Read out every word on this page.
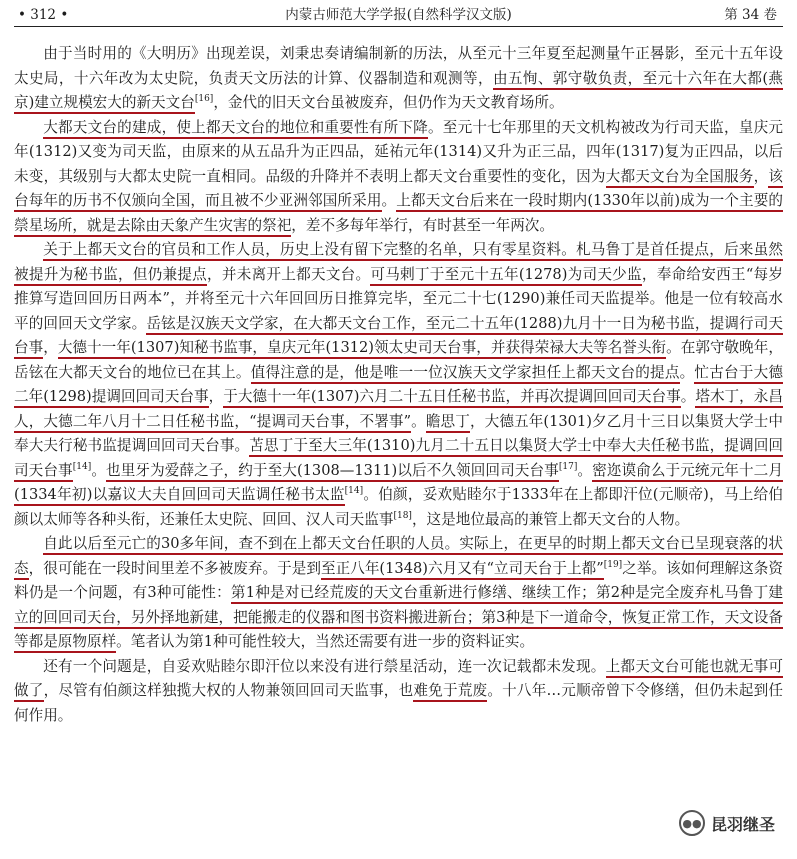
• 312 •	内蒙古师范大学学报(自然科学汉文版)	第 34 卷

由于当时用的《大明历》出现差误，刘秉忠奏请编制新的历法，从至元十三年夏至起测量午正晷影，至元十五年设太史局，十六年改为太史院，负责天文历法的计算、仪器制造和观测等，由五恂、郭守敬负责，至元十六年在大都(燕京)建立规模宏大的新天文台[16]，金代的旧天文台虽被废弃，但仍作为天文教育场所。

大都天文台的建成，使上都天文台的地位和重要性有所下降。至元十七年那里的天文机构被改为行司天监，皇庆元年(1312)又变为司天监，由原来的从五品升为正四品，延祐元年(1314)又升为正三品，四年(1317)复为正四品，以后未变，其级别与大都太史院一直相同。品级的升降并不表明上都天文台重要性的变化，因为大都天文台为全国服务，该台每年的历书不仅颁向全国，而且被不少亚洲邻国所采用。上都天文台后来在一段时期内(1330年以前)成为一个主要的禜星场所，就是去除由天象产生灾害的祭祀，差不多每年举行，有时甚至一年两次。

关于上都天文台的官员和工作人员，历史上没有留下完整的名单，只有零星资料。札马鲁丁是首任提点，后来虽然被提升为秘书监，但仍兼提点，并未离开上都天文台。可马剌丁于至元十五年(1278)为司天少监，奉命给安西王“每岁推算写造回回历日两本”，并将至元十六年回回历日推算完毕，至元二十七(1290)兼任司天监提举。他是一位有较高水平的回回天文学家。岳铉是汉族天文学家，在大都天文台工作，至元二十五年(1288)九月十一日为秘书监，提调行司天台事，大德十一年(1307)知秘书监事，皇庆元年(1312)领太史司天台事，并获得荣禄大夫等名誉头衔。在郭守敬晚年，岳铉在大都天文台的地位已在其上。值得注意的是，他是唯一一位汉族天文学家担任上都天文台的提点。忙古台于大德二年(1298)提调回回司天台事，于大德十一年(1307)六月二十五日任秘书监，并再次提调回回司天台事。塔木丁，永昌人，大德二年八月十二日任秘书监，“提调司天台事，不署事”。瞻思丁，大德五年(1301)夕乙月十三日以集贤大学士中奉大夫行秘书监提调回回司天台事。苫思丁于至大三年(1310)九月二十五日以集贤大学士中奉大夫任秘书监，提调回回司天台事[14]。也里牙为爱薛之子，约于至大(1308—1311)以后不久领回回司天台事[17]。密迩谟俞么于元统元年十二月(1334年初)以嘉议大夫自回回司天监调任秘书太监[14]。伯颜，妥欢贴睦尔于1333年在上都即汗位(元顺帝)，马上给伯颜以太师等各种头衔，还兼任太史院、回回、汉人司天监事[18]，这是地位最高的兼管上都天文台的人物。

自此以后至元亡的30多年间，查不到在上都天文台任职的人员。实际上，在更早的时期上都天文台已呈现衰落的状态，很可能在一段时间里差不多被废弃。于是到至正八年(1348)六月又有“立司天台于上都”[19]之举。该如何理解这条资料仍是一个问题，有3种可能性：第1种是对已经荒废的天文台重新进行修缮、继续工作；第2种是完全废弃札马鲁丁建立的回回司天台，另外择地新建，把能搬走的仪器和图书资料搬进新台；第3种是下一道命令，恢复正常工作，天文设备等都是原物原样。笔者认为第1种可能性较大，当然还需要有进一步的资料证实。

还有一个问题是，自妥欢贴睦尔即汗位以来没有进行禜星活动，连一次记载都未发现。上都天文台可能也就无事可做了，尽管有伯颜这样独揽大权的人物兼领回回司天监事，也难免于荒废。十八年…元顺帝曾下令修缮，但仍未起到任何作用。

●● 昆羽继圣
